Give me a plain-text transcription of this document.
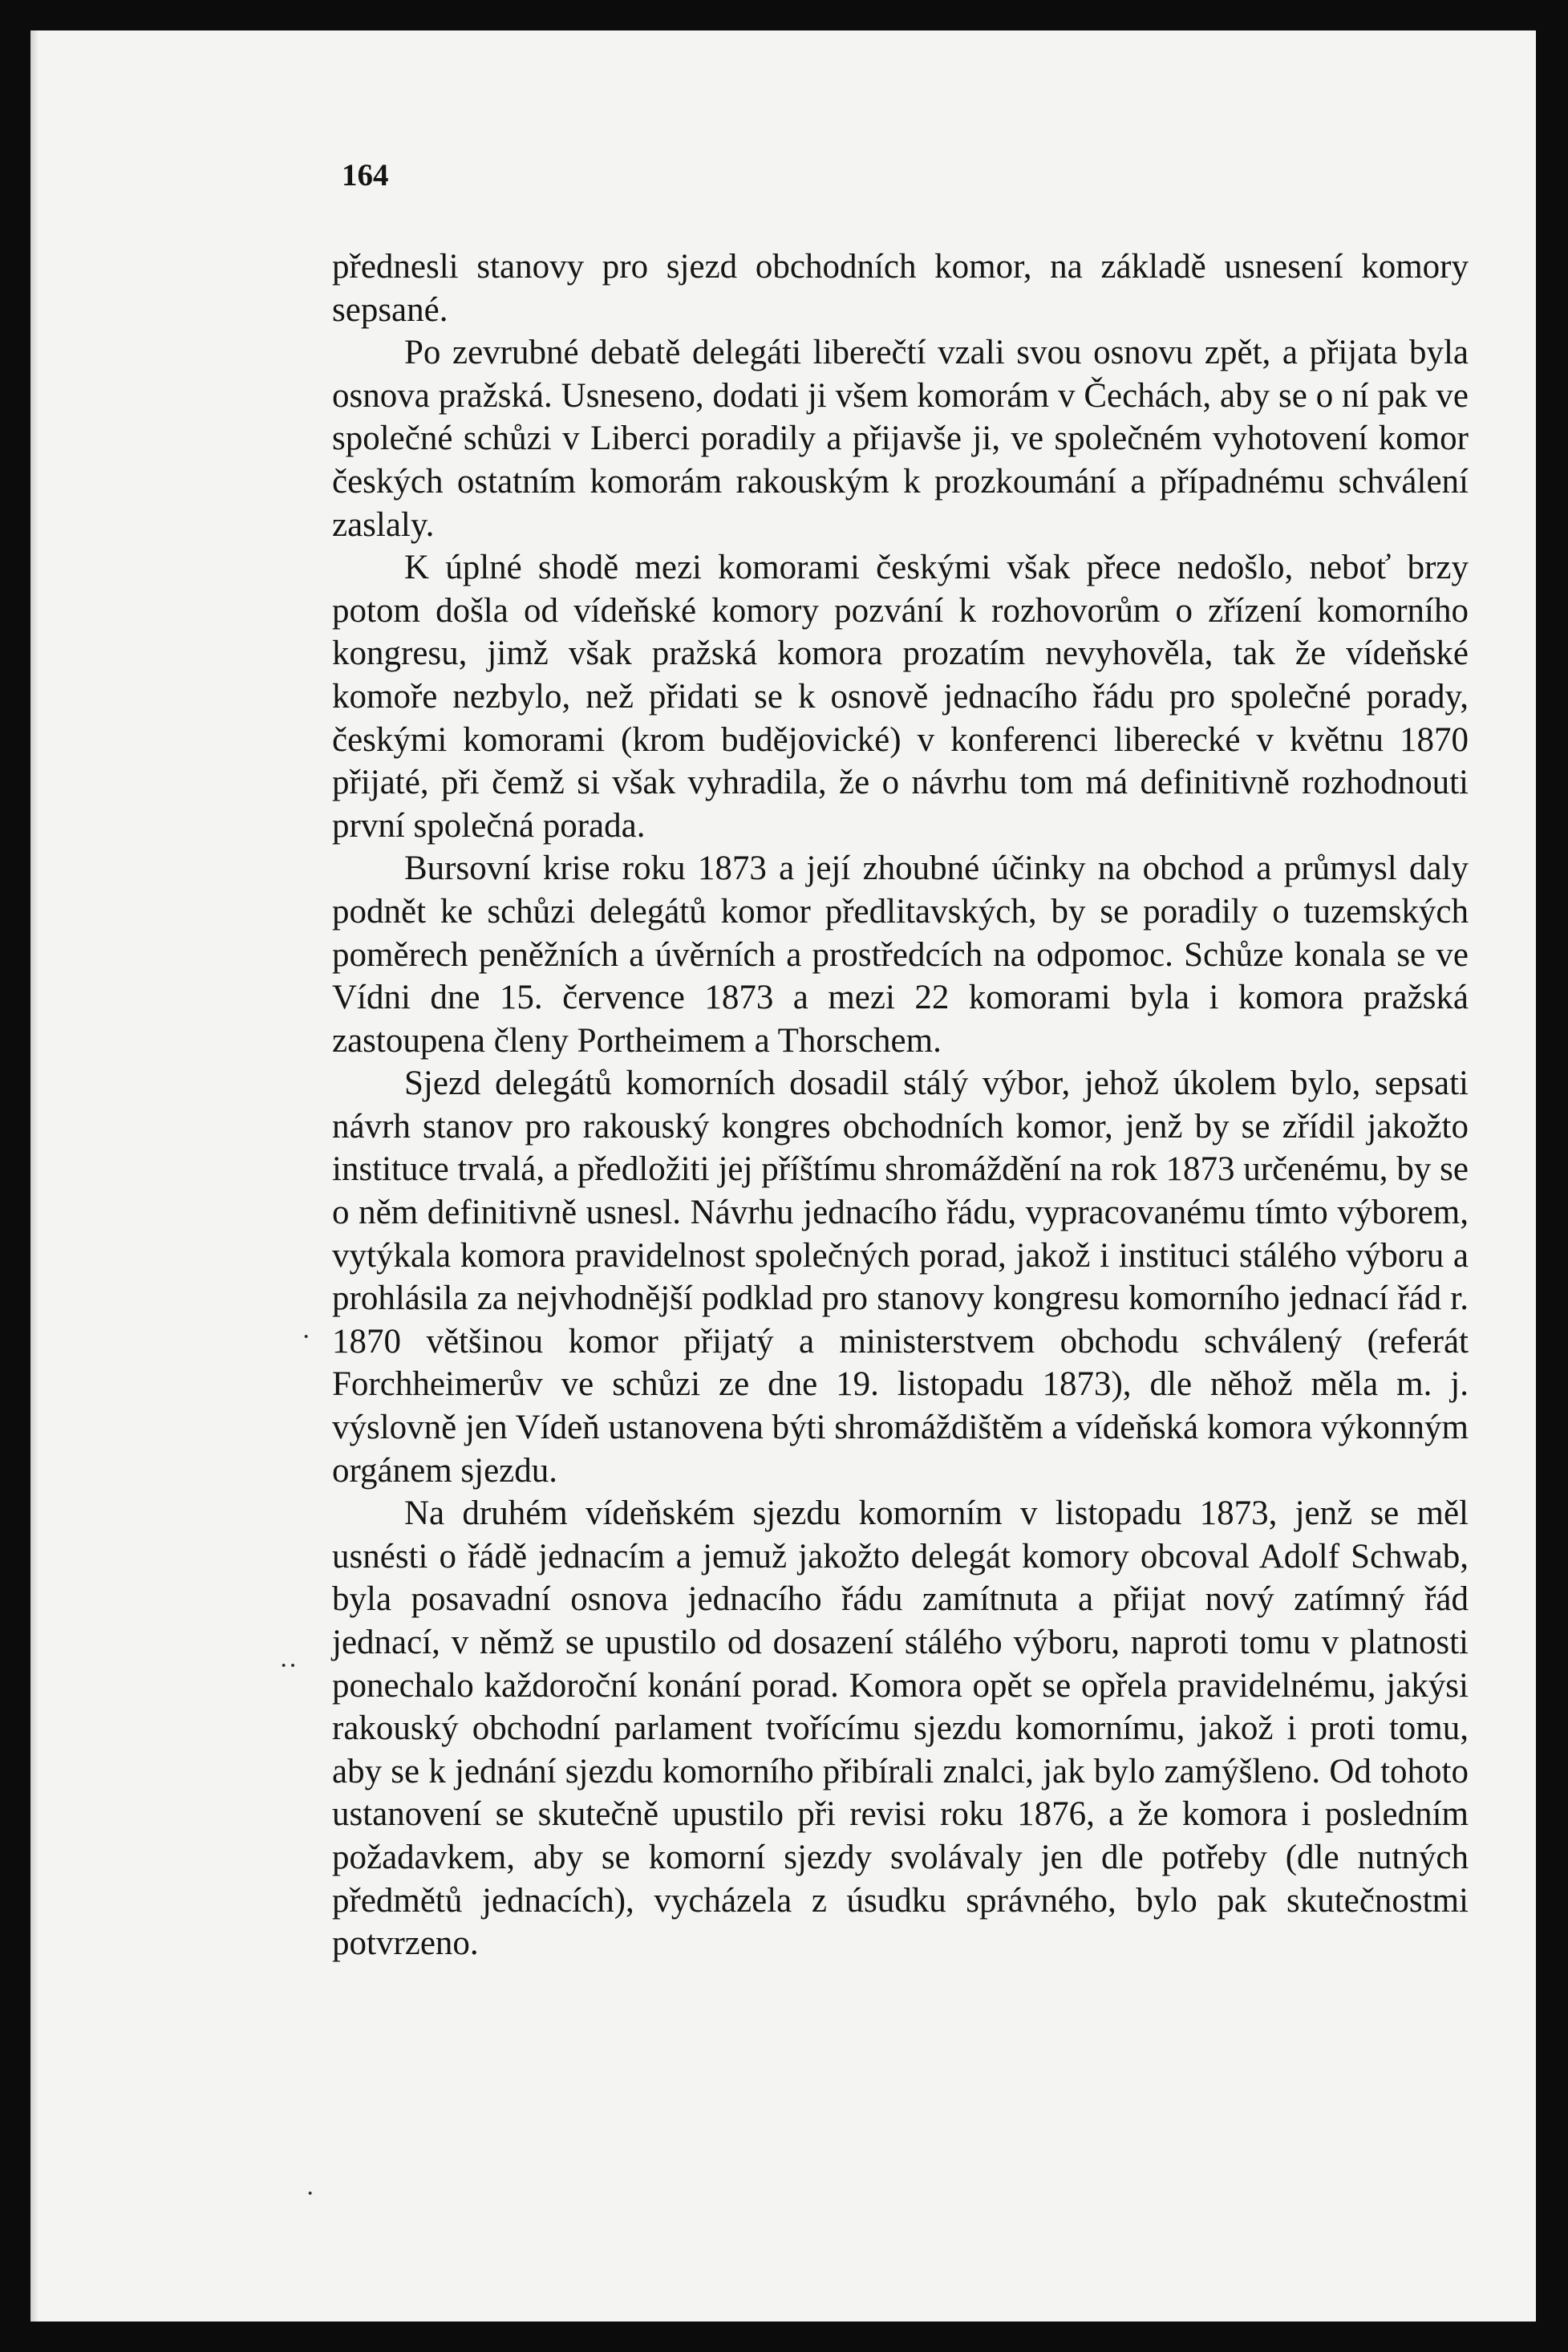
164

přednesli stanovy pro sjezd obchodních komor, na základě usnesení komory sepsané.

Po zevrubné debatě delegáti liberečtí vzali svou osnovu zpět, a přijata byla osnova pražská. Usneseno, dodati ji všem komorám v Čechách, aby se o ní pak ve společné schůzi v Liberci poradily a přijavše ji, ve společném vyhotovení komor českých ostatním komorám rakouským k prozkoumání a případnému schválení zaslaly.

K úplné shodě mezi komorami českými však přece nedošlo, neboť brzy potom došla od vídeňské komory pozvání k rozhovorům o zřízení komorního kongresu, jimž však pražská komora prozatím nevyhověla, tak že vídeňské komoře nezbylo, než přidati se k osnově jednacího řádu pro společné porady, českými komorami (krom budějovické) v konferenci liberecké v květnu 1870 přijaté, při čemž si však vyhradila, že o návrhu tom má definitivně rozhodnouti první společná porada.

Bursovní krise roku 1873 a její zhoubné účinky na obchod a průmysl daly podnět ke schůzi delegátů komor předlitavských, by se poradily o tuzemských poměrech peněžních a úvěrních a prostředcích na odpomoc. Schůze konala se ve Vídni dne 15. července 1873 a mezi 22 komorami byla i komora pražská zastoupena členy Portheimem a Thorschem.

Sjezd delegátů komorních dosadil stálý výbor, jehož úkolem bylo, sepsati návrh stanov pro rakouský kongres obchodních komor, jenž by se zřídil jakožto instituce trvalá, a předložiti jej příštímu shromáždění na rok 1873 určenému, by se o něm definitivně usnesl. Návrhu jednacího řádu, vypracovanému tímto výborem, vytýkala komora pravidelnost společných porad, jakož i instituci stálého výboru a prohlásila za nejvhodnější podklad pro stanovy kongresu komorního jednací řád r. 1870 většinou komor přijatý a ministerstvem obchodu schválený (referát Forchheimerův ve schůzi ze dne 19. listopadu 1873), dle něhož měla m. j. výslovně jen Vídeň ustanovena býti shromáždištěm a vídeňská komora výkonným orgánem sjezdu.

Na druhém vídeňském sjezdu komorním v listopadu 1873, jenž se měl usnésti o řádě jednacím a jemuž jakožto delegát komory obcoval Adolf Schwab, byla posavadní osnova jednacího řádu zamítnuta a přijat nový zatímný řád jednací, v němž se upustilo od dosazení stálého výboru, naproti tomu v platnosti ponechalo každoroční konání porad. Komora opět se opřela pravidelnému, jakýsi rakouský obchodní parlament tvořícímu sjezdu komornímu, jakož i proti tomu, aby se k jednání sjezdu komorního přibírali znalci, jak bylo zamýšleno. Od tohoto ustanovení se skutečně upustilo při revisi roku 1876, a že komora i posledním požadavkem, aby se komorní sjezdy svolávaly jen dle potřeby (dle nutných předmětů jednacích), vycházela z úsudku správného, bylo pak skutečnostmi potvrzeno.

·
··
·
